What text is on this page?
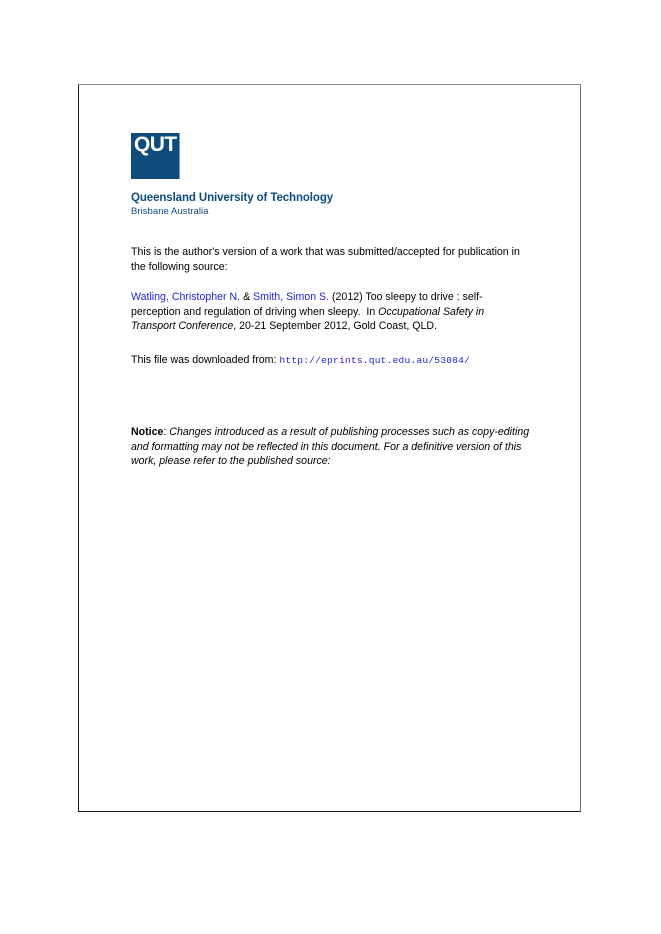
QUT
Queensland University of Technology
Brisbane Australia
This is the author's version of a work that was submitted/accepted for publication in the following source:
Watling, Christopher N. & Smith, Simon S. (2012) Too sleepy to drive : self-perception and regulation of driving when sleepy. In Occupational Safety in Transport Conference, 20-21 September 2012, Gold Coast, QLD.
This file was downloaded from: http://eprints.qut.edu.au/53084/
Notice: Changes introduced as a result of publishing processes such as copy-editing and formatting may not be reflected in this document. For a definitive version of this work, please refer to the published source:
